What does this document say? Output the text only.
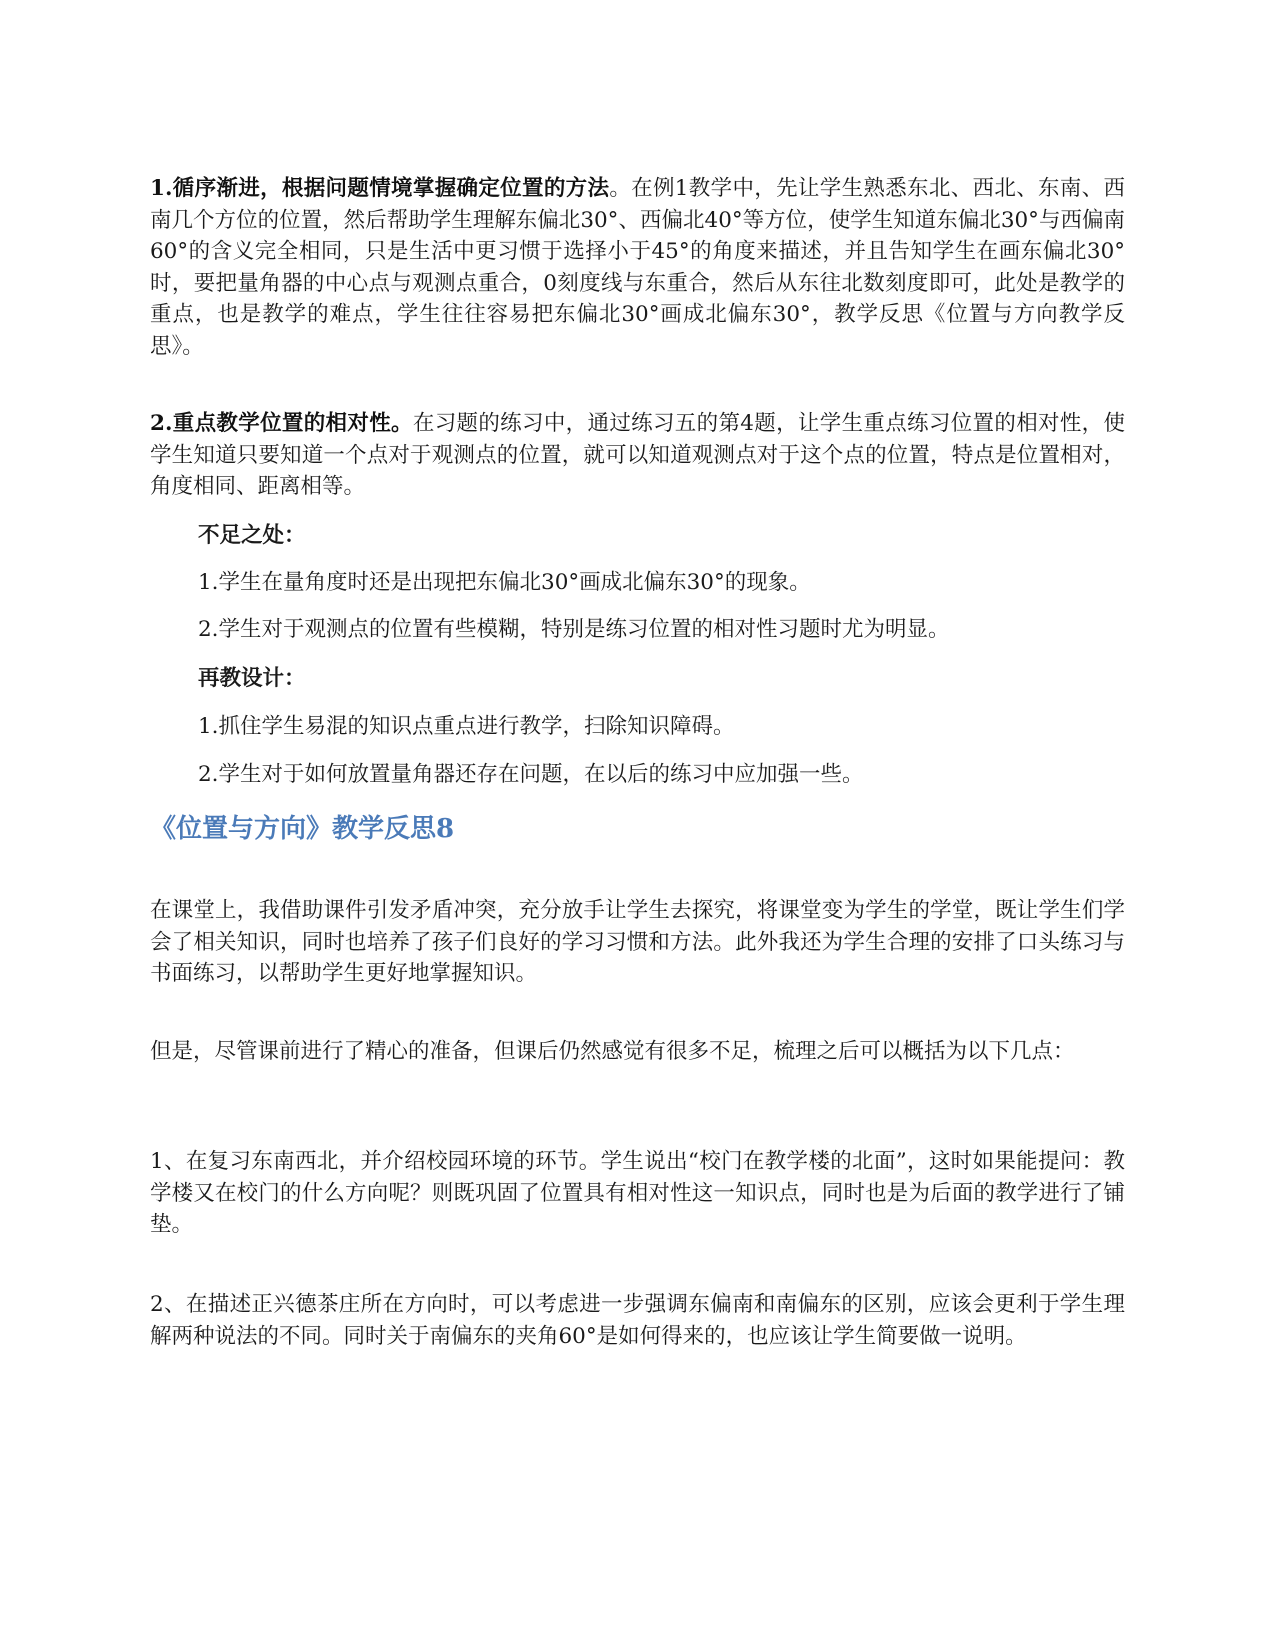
1.循序渐进，根据问题情境掌握确定位置的方法。在例1教学中，先让学生熟悉东北、西北、东南、西南几个方位的位置，然后帮助学生理解东偏北30°、西偏北40°等方位，使学生知道东偏北30°与西偏南60°的含义完全相同，只是生活中更习惯于选择小于45°的角度来描述，并且告知学生在画东偏北30°时，要把量角器的中心点与观测点重合，0刻度线与东重合，然后从东往北数刻度即可，此处是教学的重点，也是教学的难点，学生往往容易把东偏北30°画成北偏东30°，教学反思《位置与方向教学反思》。

2.重点教学位置的相对性。在习题的练习中，通过练习五的第4题，让学生重点练习位置的相对性，使学生知道只要知道一个点对于观测点的位置，就可以知道观测点对于这个点的位置，特点是位置相对，角度相同、距离相等。

不足之处：

1.学生在量角度时还是出现把东偏北30°画成北偏东30°的现象。

2.学生对于观测点的位置有些模糊，特别是练习位置的相对性习题时尤为明显。

再教设计：

1.抓住学生易混的知识点重点进行教学，扫除知识障碍。

2.学生对于如何放置量角器还存在问题，在以后的练习中应加强一些。

《位置与方向》教学反思8

在课堂上，我借助课件引发矛盾冲突，充分放手让学生去探究，将课堂变为学生的学堂，既让学生们学会了相关知识，同时也培养了孩子们良好的学习习惯和方法。此外我还为学生合理的安排了口头练习与书面练习，以帮助学生更好地掌握知识。

但是，尽管课前进行了精心的准备，但课后仍然感觉有很多不足，梳理之后可以概括为以下几点：

1、在复习东南西北，并介绍校园环境的环节。学生说出“校门在教学楼的北面”，这时如果能提问：教学楼又在校门的什么方向呢？则既巩固了位置具有相对性这一知识点，同时也是为后面的教学进行了铺垫。

2、在描述正兴德茶庄所在方向时，可以考虑进一步强调东偏南和南偏东的区别，应该会更利于学生理解两种说法的不同。同时关于南偏东的夹角60°是如何得来的，也应该让学生简要做一说明。
